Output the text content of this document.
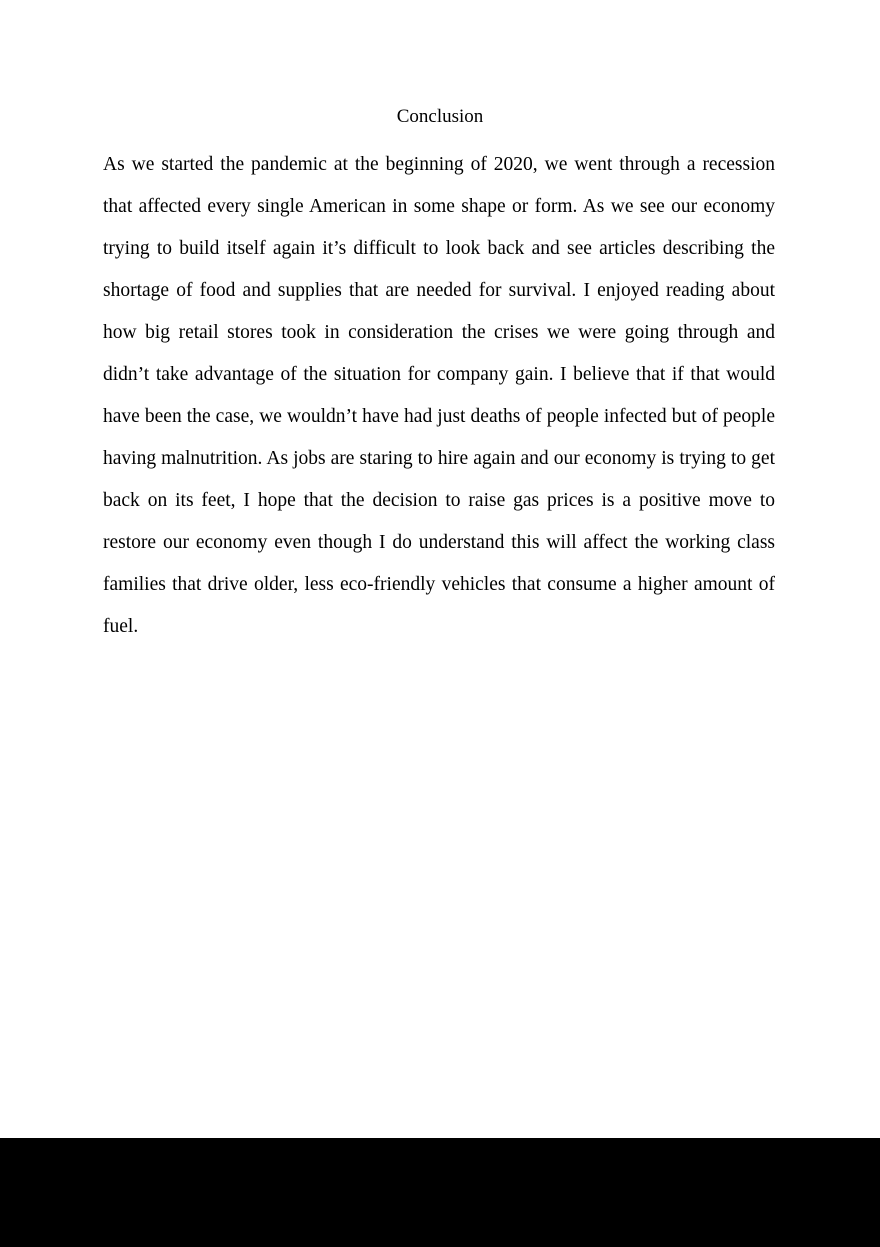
Conclusion

As we started the pandemic at the beginning of 2020, we went through a recession that affected every single American in some shape or form. As we see our economy trying to build itself again it’s difficult to look back and see articles describing the shortage of food and supplies that are needed for survival. I enjoyed reading about how big retail stores took in consideration the crises we were going through and didn’t take advantage of the situation for company gain. I believe that if that would have been the case, we wouldn’t have had just deaths of people infected but of people having malnutrition. As jobs are staring to hire again and our economy is trying to get back on its feet, I hope that the decision to raise gas prices is a positive move to restore our economy even though I do understand this will affect the working class families that drive older, less eco-friendly vehicles that consume a higher amount of fuel.
